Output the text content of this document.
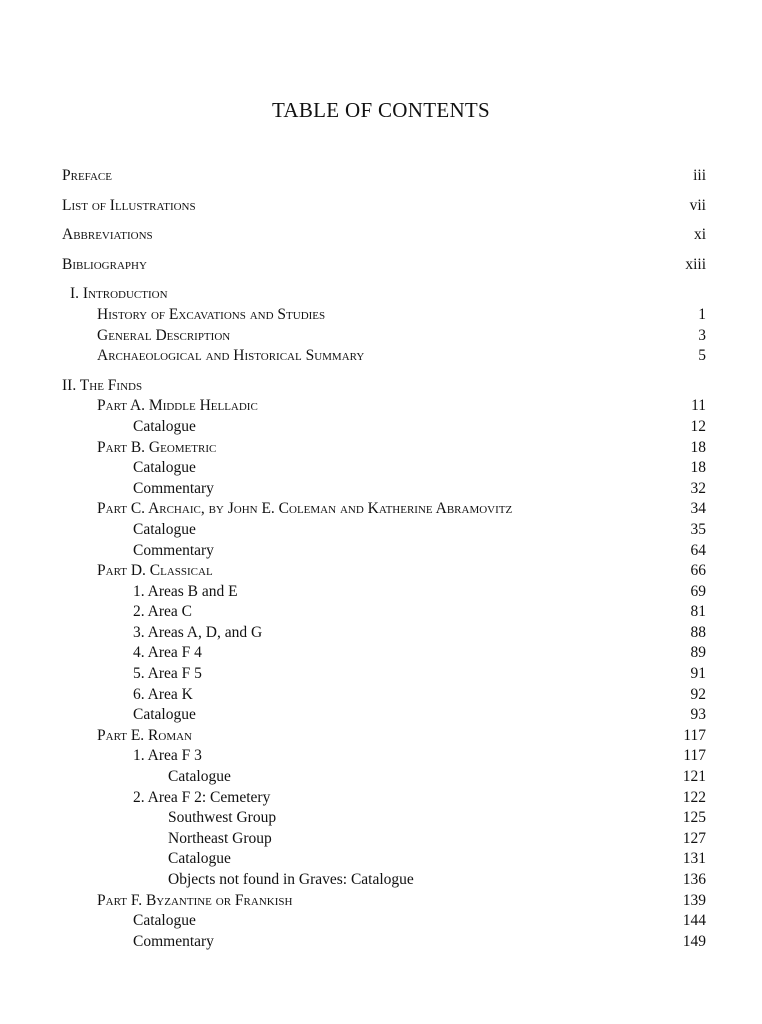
TABLE OF CONTENTS
Preface	iii
List of Illustrations	vii
Abbreviations	xi
Bibliography	xiii
I. Introduction
History of Excavations and Studies	1
General Description	3
Archaeological and Historical Summary	5
II. The Finds
Part A. Middle Helladic	11
Catalogue	12
Part B. Geometric	18
Catalogue	18
Commentary	32
Part C. Archaic, by John E. Coleman and Katherine Abramovitz	34
Catalogue	35
Commentary	64
Part D. Classical	66
1. Areas B and E	69
2. Area C	81
3. Areas A, D, and G	88
4. Area F 4	89
5. Area F 5	91
6. Area K	92
Catalogue	93
Part E. Roman	117
1. Area F 3	117
Catalogue	121
2. Area F 2: Cemetery	122
Southwest Group	125
Northeast Group	127
Catalogue	131
Objects not found in Graves: Catalogue	136
Part F. Byzantine or Frankish	139
Catalogue	144
Commentary	149
